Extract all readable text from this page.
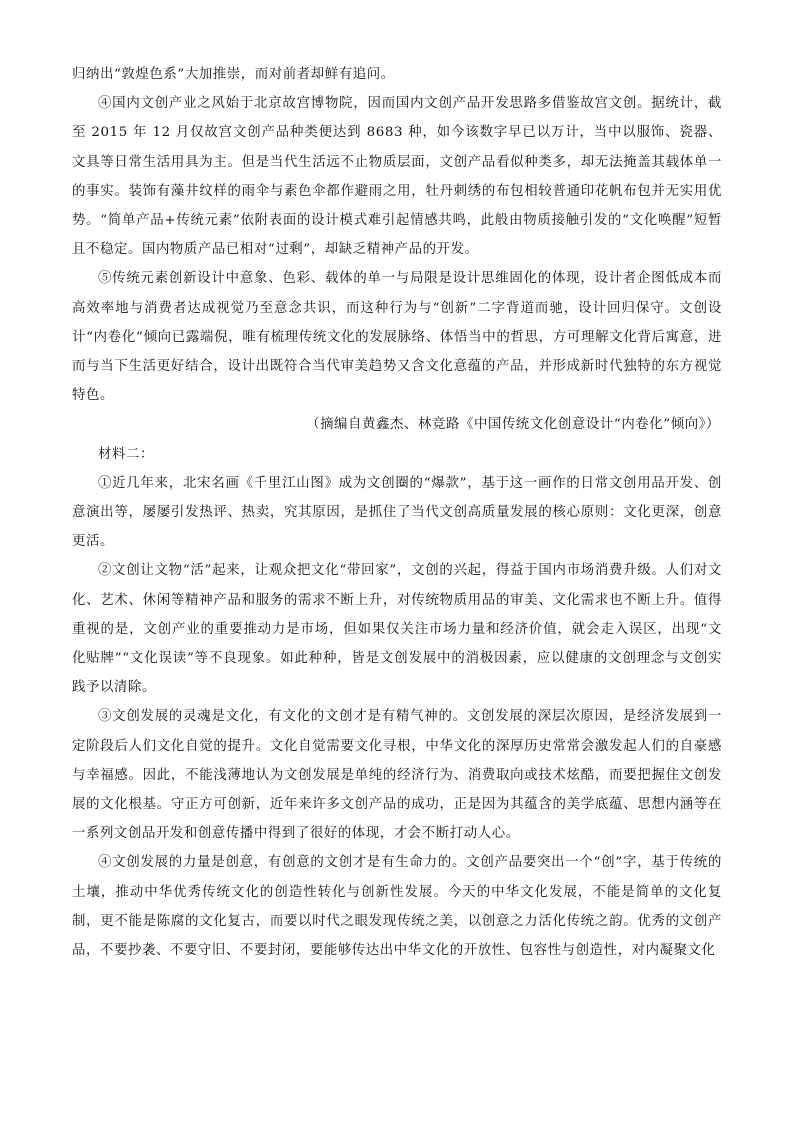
归纳出“敦煌色系”大加推崇，而对前者却鲜有追问。

④国内文创产业之风始于北京故宫博物院，因而国内文创产品开发思路多借鉴故宫文创。据统计，截至 2015 年 12 月仅故宫文创产品种类便达到 8683 种，如今该数字早已以万计，当中以服饰、瓷器、文具等日常生活用具为主。但是当代生活远不止物质层面，文创产品看似种类多，却无法掩盖其载体单一的事实。装饰有藻井纹样的雨伞与素色伞都作避雨之用，牡丹刺绣的布包相较普通印花帆布包并无实用优势。“简单产品+传统元素”依附表面的设计模式难引起情感共鸣，此般由物质接触引发的“文化唤醒”短暂且不稳定。国内物质产品已相对“过剩”，却缺乏精神产品的开发。

⑤传统元素创新设计中意象、色彩、载体的单一与局限是设计思维固化的体现，设计者企图低成本而高效率地与消费者达成视觉乃至意念共识，而这种行为与“创新”二字背道而驰，设计回归保守。文创设计“内卷化”倾向已露端倪，唯有梳理传统文化的发展脉络、体悟当中的哲思，方可理解文化背后寓意，进而与当下生活更好结合，设计出既符合当代审美趋势又含文化意蕴的产品，并形成新时代独特的东方视觉特色。

（摘编自黄鑫杰、林竞路《中国传统文化创意设计“内卷化”倾向》）

材料二：

①近几年来，北宋名画《千里江山图》成为文创圈的“爆款”，基于这一画作的日常文创用品开发、创意演出等，屡屡引发热评、热卖，究其原因，是抓住了当代文创高质量发展的核心原则：文化更深，创意更活。

②文创让文物“活”起来，让观众把文化“带回家”，文创的兴起，得益于国内市场消费升级。人们对文化、艺术、休闲等精神产品和服务的需求不断上升，对传统物质用品的审美、文化需求也不断上升。值得重视的是，文创产业的重要推动力是市场，但如果仅关注市场力量和经济价值，就会走入误区，出现“文化贴牌”“文化误读”等不良现象。如此种种，皆是文创发展中的消极因素，应以健康的文创理念与文创实践予以清除。

③文创发展的灵魂是文化，有文化的文创才是有精气神的。文创发展的深层次原因，是经济发展到一定阶段后人们文化自觉的提升。文化自觉需要文化寻根，中华文化的深厚历史常常会激发起人们的自豪感与幸福感。因此，不能浅薄地认为文创发展是单纯的经济行为、消费取向或技术炫酷，而要把握住文创发展的文化根基。守正方可创新，近年来许多文创产品的成功，正是因为其蕴含的美学底蕴、思想内涵等在一系列文创品开发和创意传播中得到了很好的体现，才会不断打动人心。

④文创发展的力量是创意，有创意的文创才是有生命力的。文创产品要突出一个“创”字，基于传统的土壤，推动中华优秀传统文化的创造性转化与创新性发展。今天的中华文化发展，不能是简单的文化复制，更不能是陈腐的文化复古，而要以时代之眼发现传统之美，以创意之力活化传统之韵。优秀的文创产品，不要抄袭、不要守旧、不要封闭，要能够传达出中华文化的开放性、包容性与创造性，对内凝聚文化
